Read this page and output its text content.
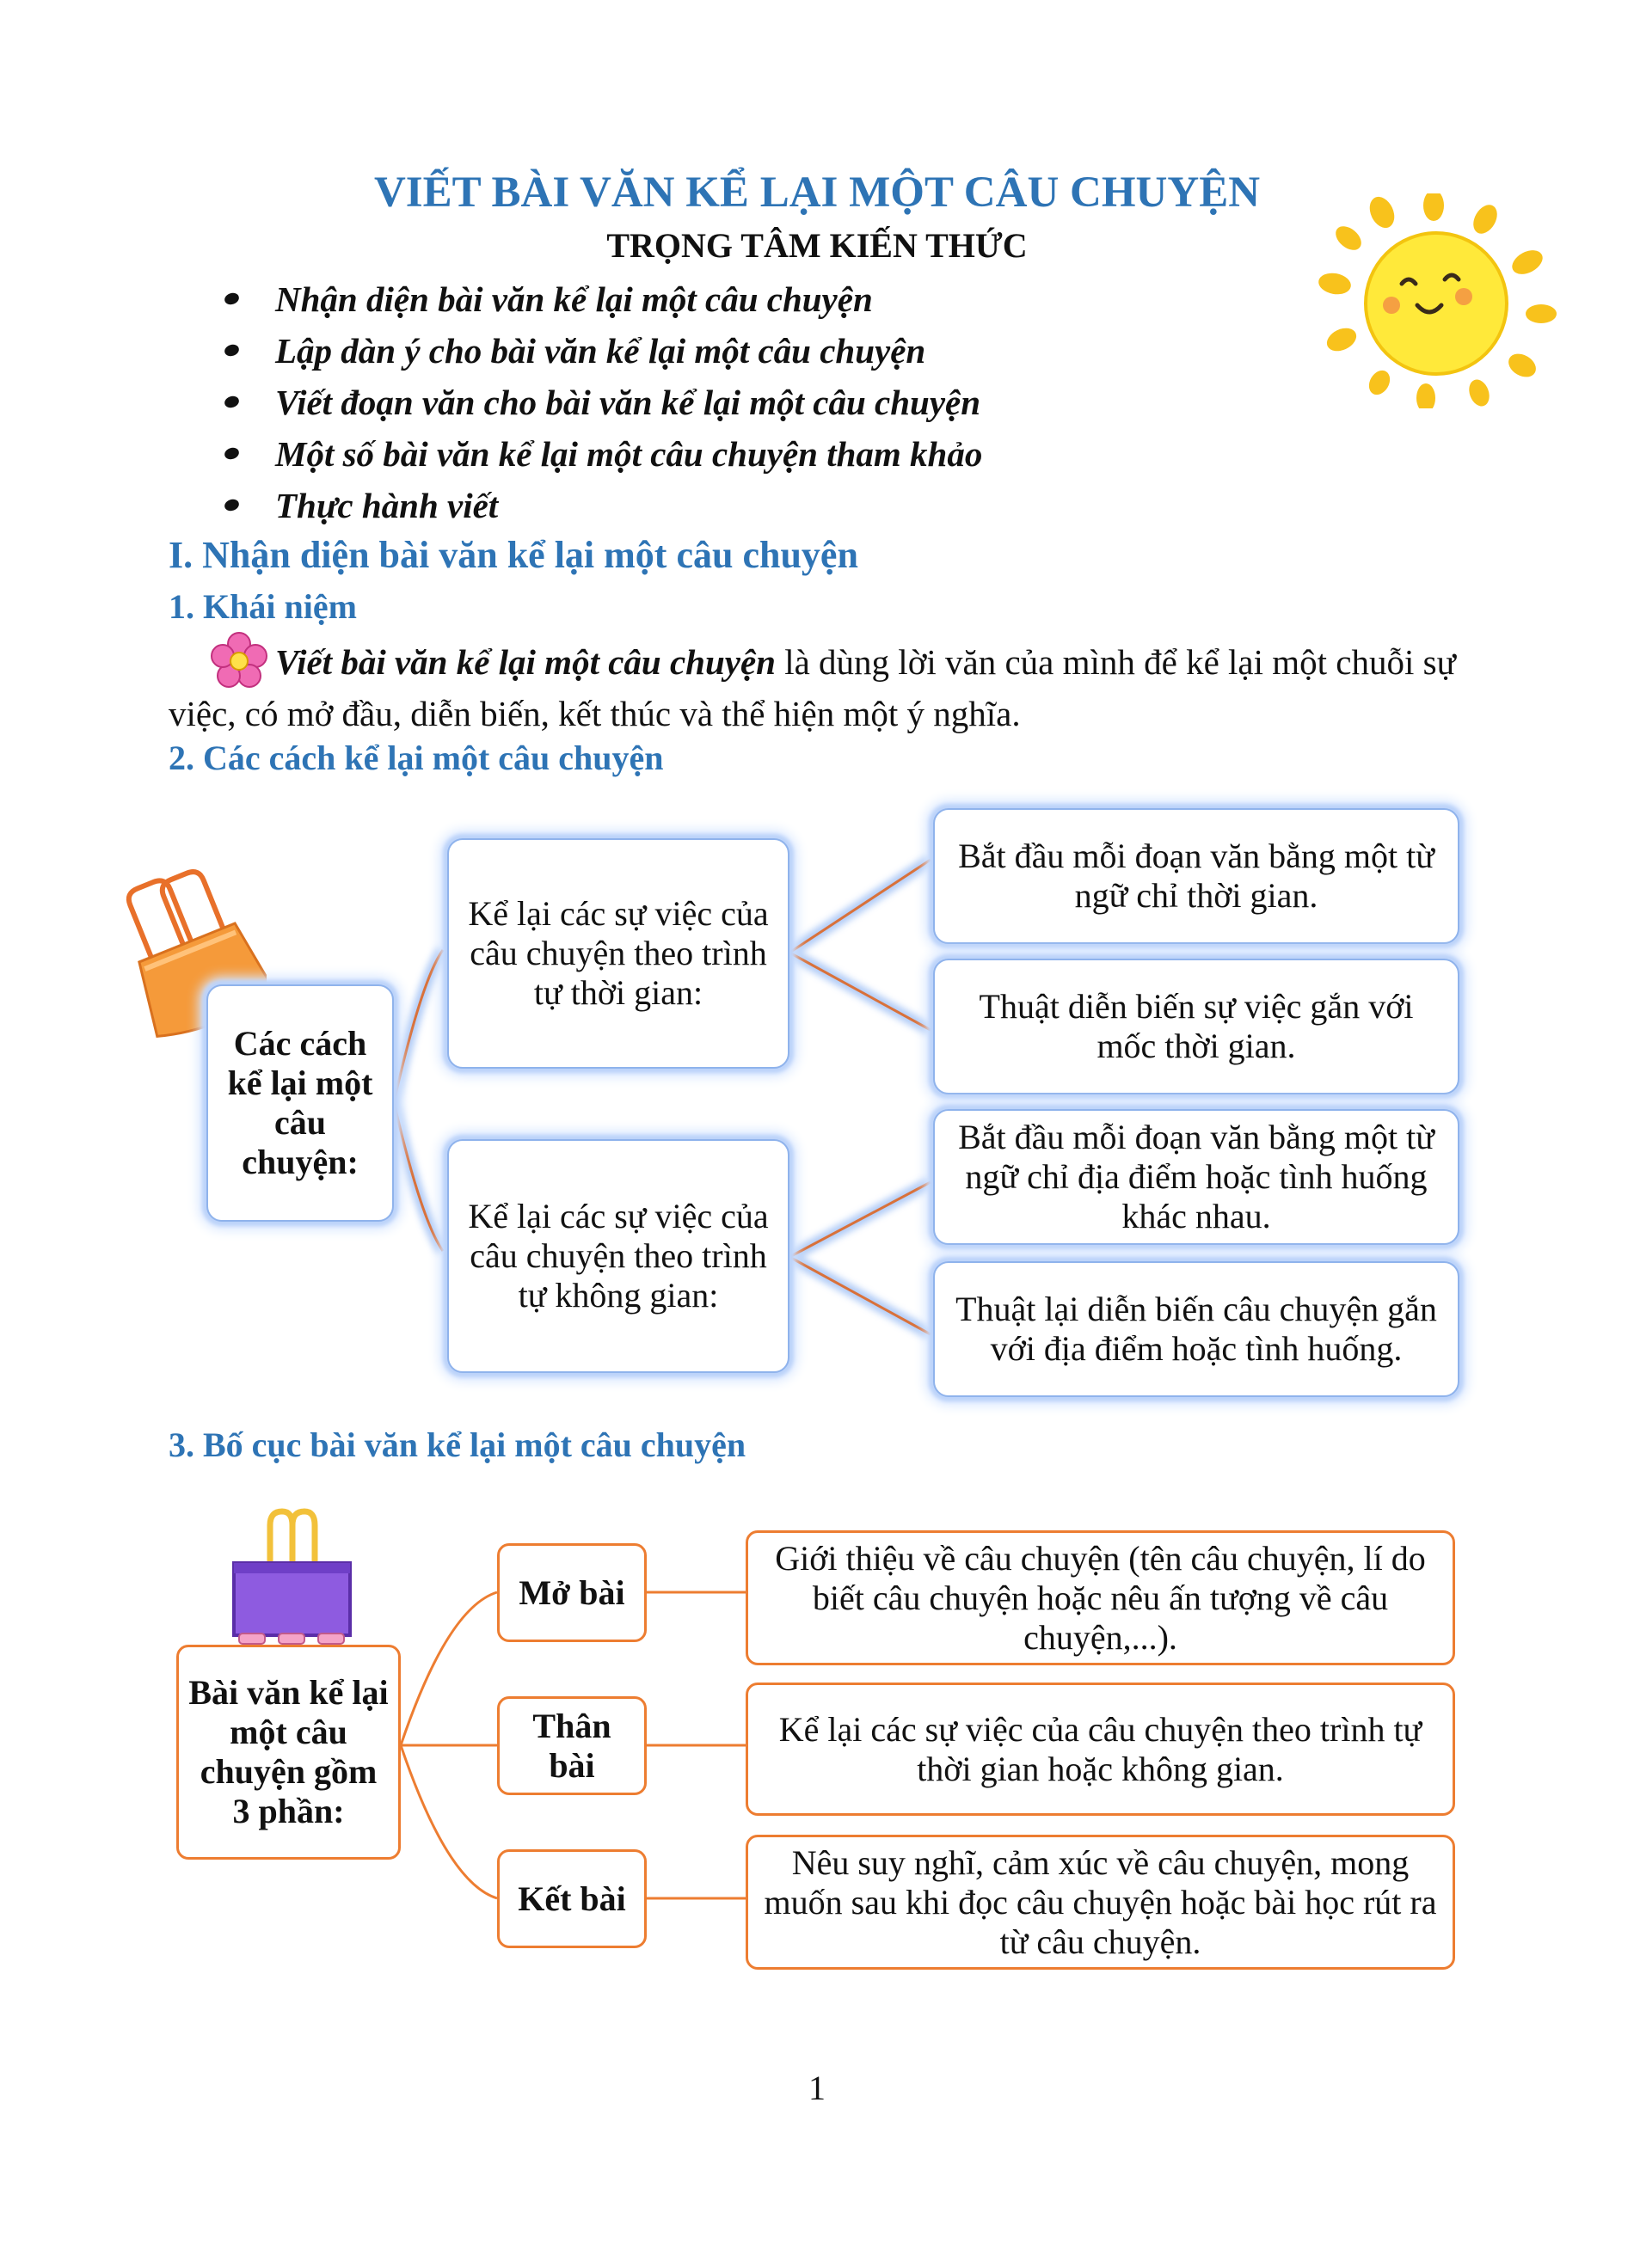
VIẾT BÀI VĂN KỂ LẠI MỘT CÂU CHUYỆN
TRỌNG TÂM KIẾN THỨC
Nhận diện bài văn kể lại một câu chuyện
Lập dàn ý cho bài văn kể lại một câu chuyện
Viết đoạn văn cho bài văn kể lại một câu chuyện
Một số bài văn kể lại một câu chuyện tham khảo
Thực hành viết
I. Nhận diện bài văn kể lại một câu chuyện
1. Khái niệm
Viết bài văn kể lại một câu chuyện là dùng lời văn của mình để kể lại một chuỗi sự việc, có mở đầu, diễn biến, kết thúc và thể hiện một ý nghĩa.
2. Các cách kể lại một câu chuyện
Các cách kể lại một câu chuyện:
Kể lại các sự việc của câu chuyện theo trình tự thời gian:
Kể lại các sự việc của câu chuyện theo trình tự không gian:
Bắt đầu mỗi đoạn văn bằng một từ ngữ chỉ thời gian.
Thuật diễn biến sự việc gắn với mốc thời gian.
Bắt đầu mỗi đoạn văn bằng một từ ngữ chỉ địa điểm hoặc tình huống khác nhau.
Thuật lại diễn biến câu chuyện gắn với địa điểm hoặc tình huống.
3. Bố cục bài văn kể lại một câu chuyện
Bài văn kể lại một câu chuyện gồm 3 phần:
Mở bài
Thân bài
Kết bài
Giới thiệu về câu chuyện (tên câu chuyện, lí do biết câu chuyện hoặc nêu ấn tượng về câu chuyện,...).
Kể lại các sự việc của câu chuyện theo trình tự thời gian hoặc không gian.
Nêu suy nghĩ, cảm xúc về câu chuyện, mong muốn sau khi đọc câu chuyện hoặc bài học rút ra từ câu chuyện.
1
